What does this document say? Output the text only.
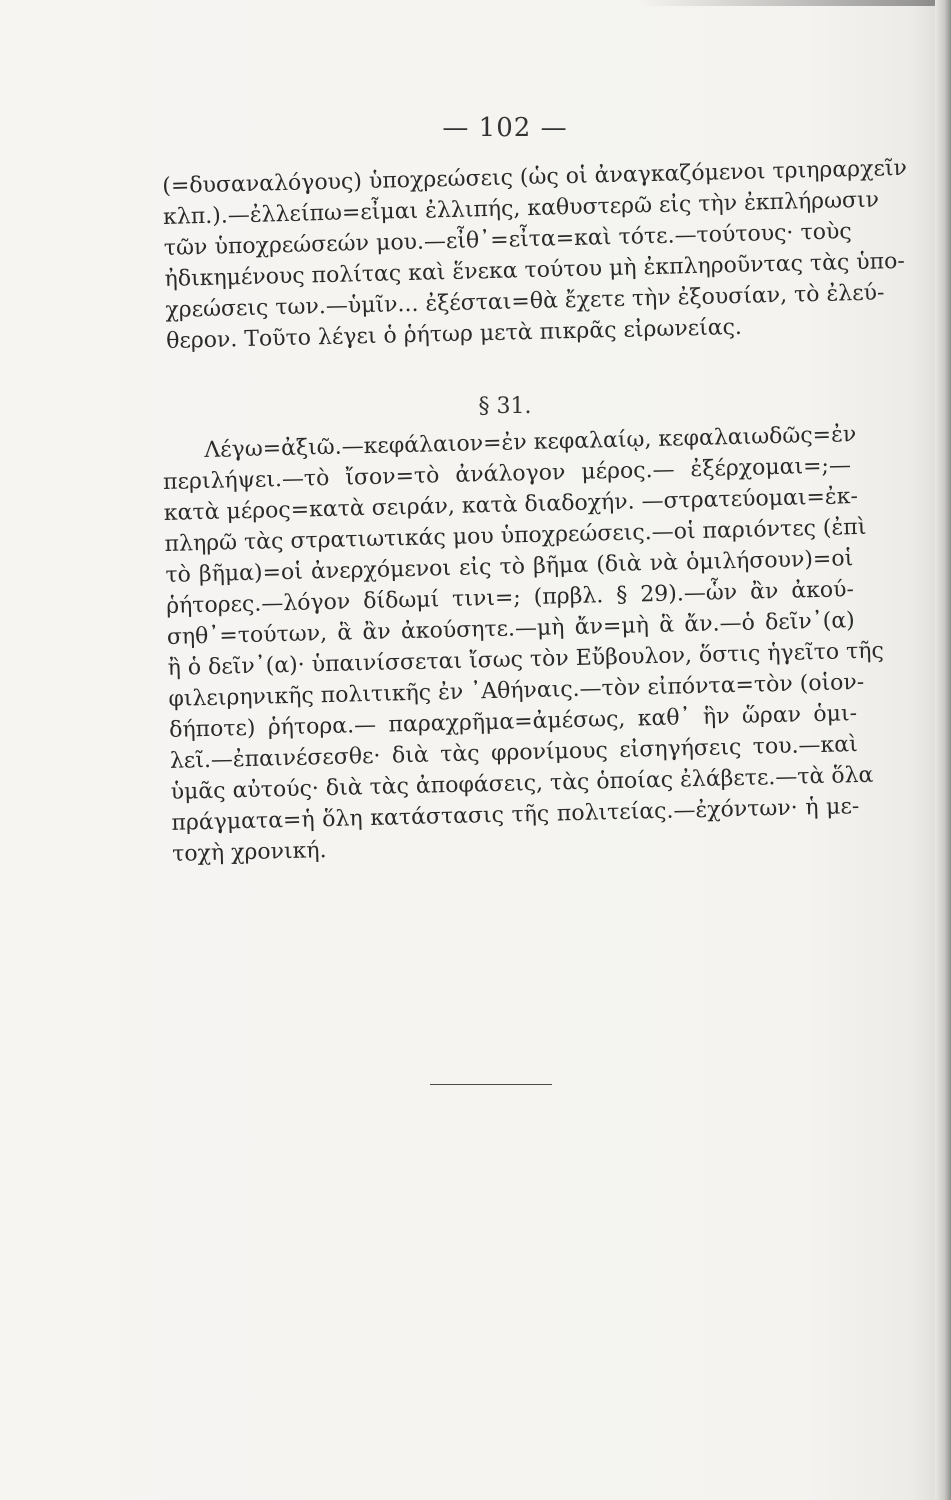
— 102 —
(=δυσαναλόγους) ὑποχρεώσεις (ὡς οἱ ἀναγκαζόμενοι τριηραρχεῖν
κλπ.).—ἐλλείπω=εἶμαι ἐλλιπής, καθυστερῶ εἰς τὴν ἐκπλήρωσιν
τῶν ὑποχρεώσεών μου.—εἶθ᾽=εἶτα=καὶ τότε.—τούτους· τοὺς
ἠδικημένους πολίτας καὶ ἕνεκα τούτου μὴ ἐκπληροῦντας τὰς ὑπο-
χρεώσεις των.—ὑμῖν... ἐξέσται=θὰ ἔχετε τὴν ἐξουσίαν, τὸ ἐλεύ-
θερον. Τοῦτο λέγει ὁ ῥήτωρ μετὰ πικρᾶς εἰρωνείας.
§ 31.
Λέγω=ἀξιῶ.—κεφάλαιον=ἐν κεφαλαίῳ, κεφαλαιωδῶς=ἐν
περιλήψει.—τὸ ἴσον=τὸ ἀνάλογον μέρος.— ἐξέρχομαι=;—
κατὰ μέρος=κατὰ σειράν, κατὰ διαδοχήν. —στρατεύομαι=ἐκ-
πληρῶ τὰς στρατιωτικάς μου ὑποχρεώσεις.—οἱ παριόντες (ἐπὶ
τὸ βῆμα)=οἱ ἀνερχόμενοι εἰς τὸ βῆμα (διὰ νὰ ὁμιλήσουν)=οἱ
ῥήτορες.—λόγον δίδωμί τινι=; (πρβλ. § 29).—ὧν ἂν ἀκού-
σηθ᾽=τούτων, ἃ ἂν ἀκούσητε.—μὴ ἄν=μὴ ἃ ἄν.—ὁ δεῖν᾽(α)
ἢ ὁ δεῖν᾽(α)· ὑπαινίσσεται ἴσως τὸν Εὔβουλον, ὅστις ἡγεῖτο τῆς
φιλειρηνικῆς πολιτικῆς ἐν ᾽Αθήναις.—τὸν εἰπόντα=τὸν (οἱον-
δήποτε) ῥήτορα.— παραχρῆμα=ἀμέσως, καθ᾽ ἣν ὥραν ὁμι-
λεῖ.—ἐπαινέσεσθε· διὰ τὰς φρονίμους εἰσηγήσεις του.—καὶ
ὑμᾶς αὐτούς· διὰ τὰς ἀποφάσεις, τὰς ὁποίας ἐλάβετε.—τὰ ὅλα
πράγματα=ἡ ὅλη κατάστασις τῆς πολιτείας.—ἐχόντων· ἡ με-
τοχὴ χρονική.
